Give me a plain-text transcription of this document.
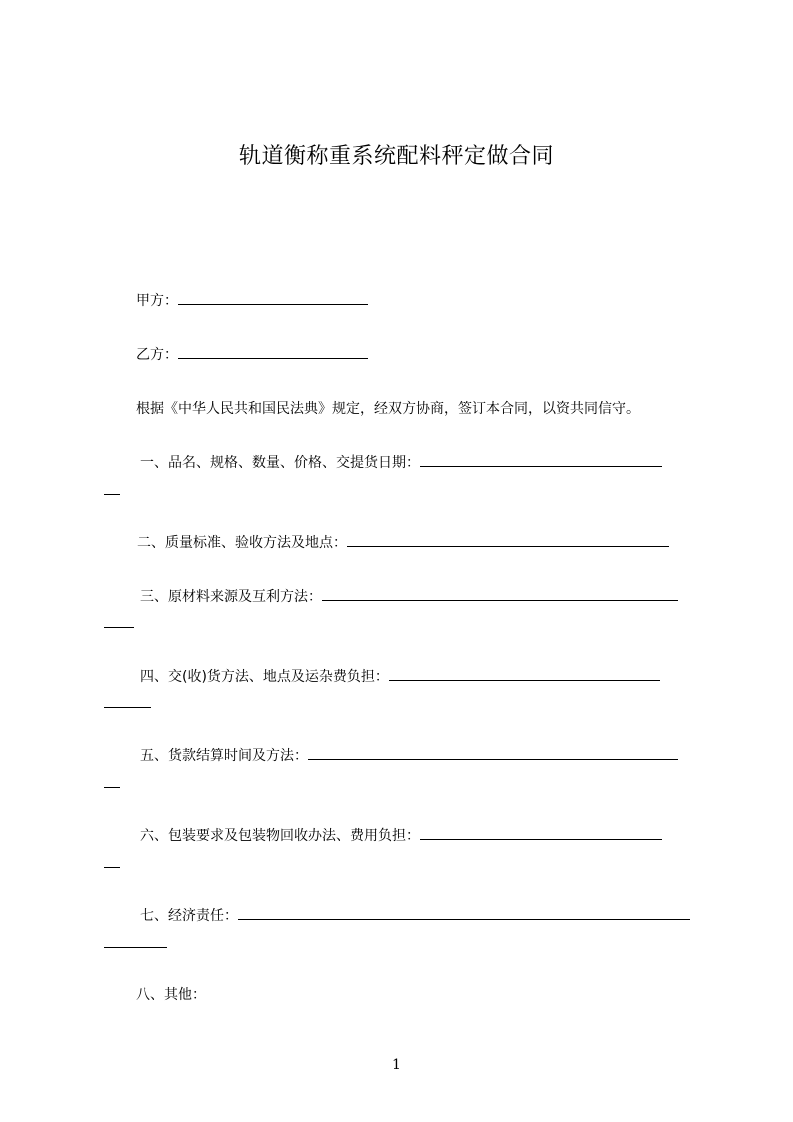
轨道衡称重系统配料秤定做合同
甲方：
乙方：
根据《中华人民共和国民法典》规定，经双方协商，签订本合同，以资共同信守。
一、品名、规格、数量、价格、交提货日期：
二、质量标准、验收方法及地点：
三、原材料来源及互利方法：
四、交(收)货方法、地点及运杂费负担：
五、货款结算时间及方法：
六、包装要求及包装物回收办法、费用负担：
七、经济责任：
八、其他：
1
